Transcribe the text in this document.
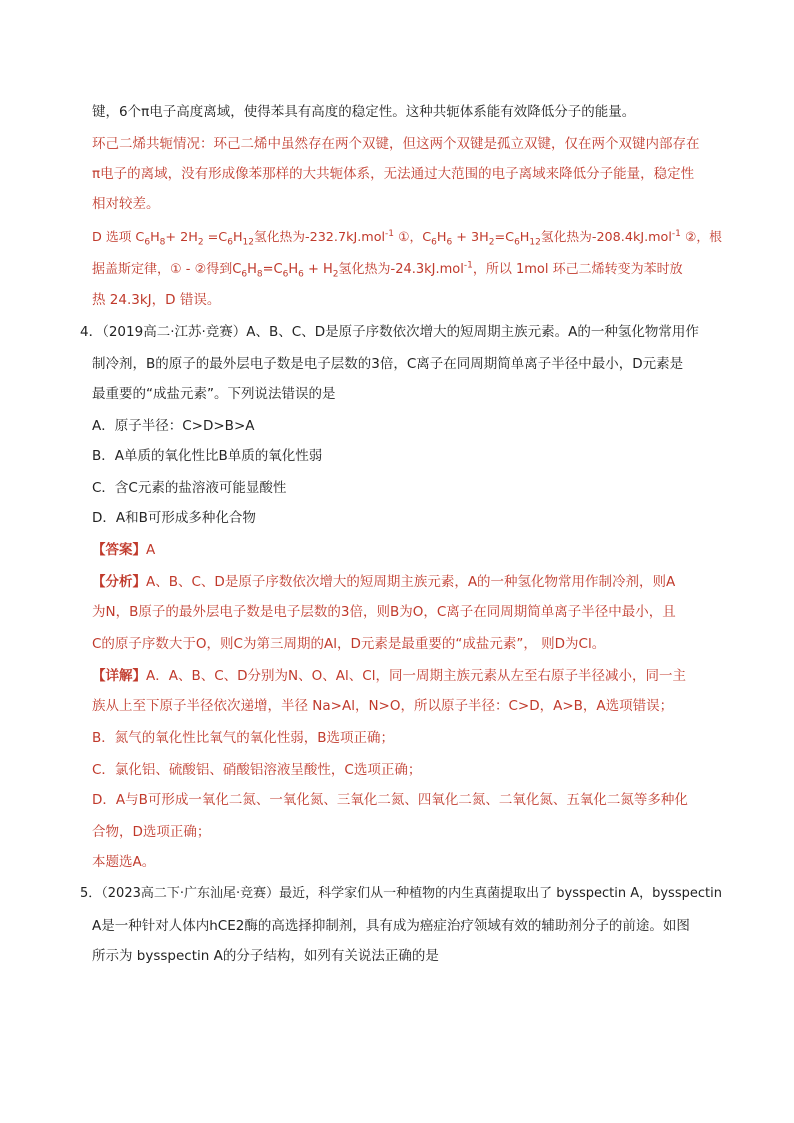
键，6个π电子高度离域，使得苯具有高度的稳定性。这种共轭体系能有效降低分子的能量。
环己二烯共轭情况：环己二烯中虽然存在两个双键，但这两个双键是孤立双键，仅在两个双键内部存在
π电子的离域，没有形成像苯那样的大共轭体系，无法通过大范围的电子离域来降低分子能量，稳定性
相对较差。
D 选项 $C_6H_8+ 2H_2 =C_6H_{12}$氢化热为-232.7kJ.mol$^{-1}$ ①，$C_6H_6 + 3H_2=C_6H_{12}$氢化热为-208.4kJ.mol$^{-1}$ ②，根
据盖斯定律，① - ②得到$C_6H_8=C_6H_6 + H_2$氢化热为-24.3kJ.mol$^{-1}$，所以 1mol 环己二烯转变为苯时放
热 24.3kJ，D 错误。
4．（2019高二·江苏·竞赛）A、B、C、D是原子序数依次增大的短周期主族元素。A的一种氢化物常用作
制冷剂，B的原子的最外层电子数是电子层数的3倍，C离子在同周期简单离子半径中最小，D元素是
最重要的“成盐元素”。下列说法错误的是
A．原子半径：C>D>B>A
B．A单质的氧化性比B单质的氧化性弱
C．含C元素的盐溶液可能显酸性
D．A和B可形成多种化合物
【答案】A
【分析】A、B、C、D是原子序数依次增大的短周期主族元素，A的一种氢化物常用作制冷剂，则A
为N，B原子的最外层电子数是电子层数的3倍，则B为O，C离子在同周期简单离子半径中最小，且
C的原子序数大于O，则C为第三周期的Al，D元素是最重要的“成盐元素”， 则D为Cl。
【详解】A．A、B、C、D分别为N、O、Al、Cl，同一周期主族元素从左至右原子半径减小，同一主
族从上至下原子半径依次递增，半径 Na>Al，N>O，所以原子半径：C>D，A>B，A选项错误；
B．氮气的氧化性比氧气的氧化性弱，B选项正确；
C．氯化铝、硫酸铝、硝酸铝溶液呈酸性，C选项正确；
D．A与B可形成一氧化二氮、一氧化氮、三氧化二氮、四氧化二氮、二氧化氮、五氧化二氮等多种化
合物，D选项正确；
本题选A。
5．（2023高二下·广东汕尾·竞赛）最近，科学家们从一种植物的内生真菌提取出了 bysspectin A，bysspectin
A是一种针对人体内hCE2酶的高选择抑制剂，具有成为癌症治疗领域有效的辅助剂分子的前途。如图
所示为 bysspectin A的分子结构，如列有关说法正确的是
